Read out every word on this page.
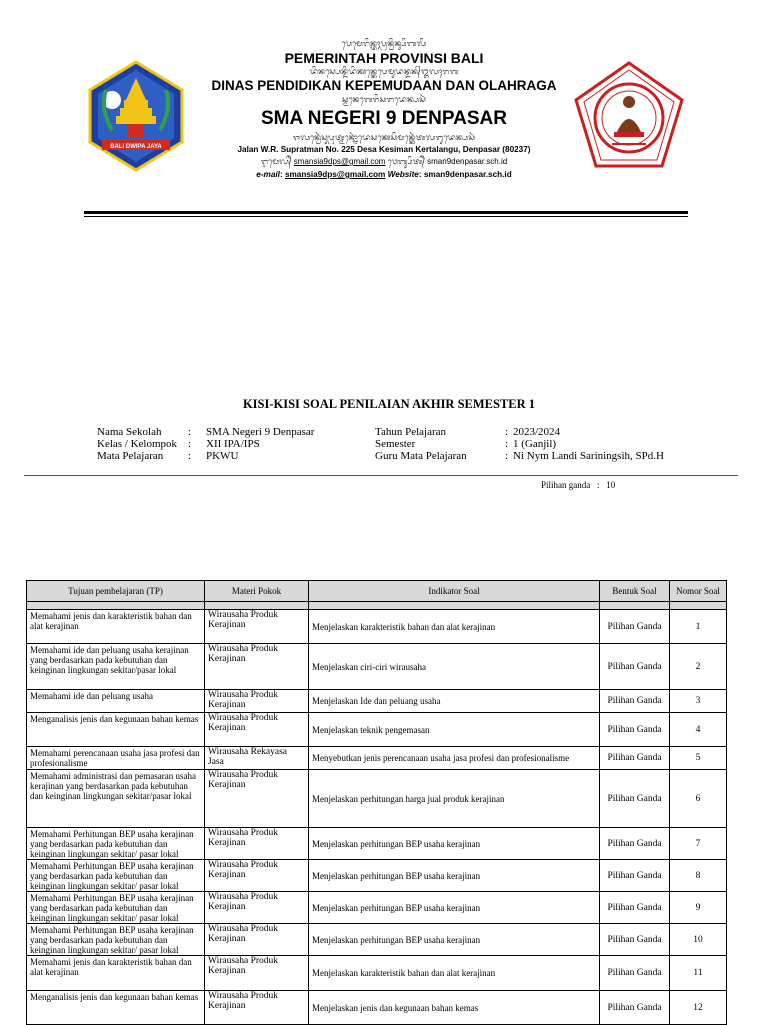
BALI DWIPA JAYA
ᬧᬾᬫᬾᬭᬶᬦ᭄ᬢᬄᬧ᭄ᬭᬦ᭄ᬯᬶᬦ᭄ᬲᬶᬩᬮᬶ
PEMERINTAH PROVINSI BALI
ᬤᬶᬦᬲ᭄ᬧᬾᬦ᭄ᬤᬶᬤᬶᬓᬦ᭄ᬓᬾᬧᬾᬫᬸᬤᬦ᭄ᬤᬦ᭄ᬑᬮᬄᬭᬕ
DINAS PENDIDIKAN KEPEMUDAAN DAN OLAHRAGA
ᬲ᭄ᬫᬦᬾᬕᬾᬭᬶᬲᬗᬤᬾᬦ᭄ᬧᬲᬃ
SMA NEGERI 9 DENPASAR
ᬚᬮᬦ᭄ᬯᬾᬃᬲᬸᬧ᭄ᬭᬢ᭄ᬫᬦ᭄ᬦᭀᬃᬤᬾᬲᬓᬾᬲᬶᬫᬦ᭄ᬓᬾᬃᬢᬮᬗᬸᬤᬾᬦ᭄ᬧᬲᬃ
Jalan W.R. Supratman No. 225 Desa Kesiman Kertalangu, Denpasar (80237)
ᬇᬫᬾᬮ᭄ᬃ smansia9dps@gmail.com ᬯᬾᬩ᭄ᬲᬶᬢ᭄ᬃ sman9denpasar.sch.id
e-mail: smansia9dps@gmail.com Website: sman9denpasar.sch.id
KISI-KISI SOAL PENILAIAN AKHIR SEMESTER 1
Nama Sekolah	:	SMA Negeri 9 Denpasar
Kelas / Kelompok :	XII IPA/IPS
Mata Pelajaran	:	PKWU
Tahun Pelajaran	: 2023/2024
Semester	: 1 (Ganjil)
Guru Mata Pelajaran	: Ni Nym Landi Sariningsih, SPd.H
Pilihan ganda : 10
Tujuan pembelajaran (TP)	Materi Pokok	Indikator Soal	Bentuk Soal	Nomor Soal

Memahami jenis dan karakteristik bahan dan alat kerajinan	Wirausaha Produk Kerajinan	Menjelaskan karakteristik bahan dan alat kerajinan	Pilihan Ganda	1
Memahami ide dan peluang usaha kerajinan yang berdasarkan pada kebutuhan dan keinginan lingkungan sekitar/pasar lokal	Wirausaha Produk Kerajinan	Menjelaskan ciri-ciri wirausaha	Pilihan Ganda	2
Memahami ide dan peluang usaha	Wirausaha Produk Kerajinan	Menjelaskan Ide dan peluang usaha	Pilihan Ganda	3
Menganalisis jenis dan kegunaan bahan kemas	Wirausaha Produk Kerajinan	Menjelaskan teknik pengemasan	Pilihan Ganda	4
Memahami perencanaan usaha jasa profesi dan profesionalisme	Wirausaha Rekayasa Jasa	Menyebutkan jenis perencanaan usaha jasa profesi dan profesionalisme	Pilihan Ganda	5
Memahami administrasi dan pemasaran usaha kerajinan yang berdasarkan pada kebutuhan dan keinginan lingkungan sekitar/pasar lokal	Wirausaha Produk Kerajinan	Menjelaskan perhitungan harga jual produk kerajinan	Pilihan Ganda	6
Memahami Perhitungan BEP usaha kerajinan yang berdasarkan pada kebutuhan dan keinginan lingkungan sekitar/ pasar lokal	Wirausaha Produk Kerajinan	Menjelaskan perhitungan BEP usaha kerajinan	Pilihan Ganda	7
Memahami Perhitungan BEP usaha kerajinan yang berdasarkan pada kebutuhan dan keinginan lingkungan sekitar/ pasar lokal	Wirausaha Produk Kerajinan	Menjelaskan perhitungan BEP usaha kerajinan	Pilihan Ganda	8
Memahami Perhitungan BEP usaha kerajinan yang berdasarkan pada kebutuhan dan keinginan lingkungan sekitar/ pasar lokal	Wirausaha Produk Kerajinan	Menjelaskan perhitungan BEP usaha kerajinan	Pilihan Ganda	9
Memahami Perhitungan BEP usaha kerajinan yang berdasarkan pada kebutuhan dan keinginan lingkungan sekitar/ pasar lokal	Wirausaha Produk Kerajinan	Menjelaskan perhitungan BEP usaha kerajinan	Pilihan Ganda	10
Memahami jenis dan karakteristik bahan dan alat kerajinan	Wirausaha Produk Kerajinan	Menjelaskan karakteristik bahan dan alat kerajinan	Pilihan Ganda	11
Menganalisis jenis dan kegunaan bahan kemas	Wirausaha Produk Kerajinan	Menjelaskan jenis dan kegunaan bahan kemas	Pilihan Ganda	12
